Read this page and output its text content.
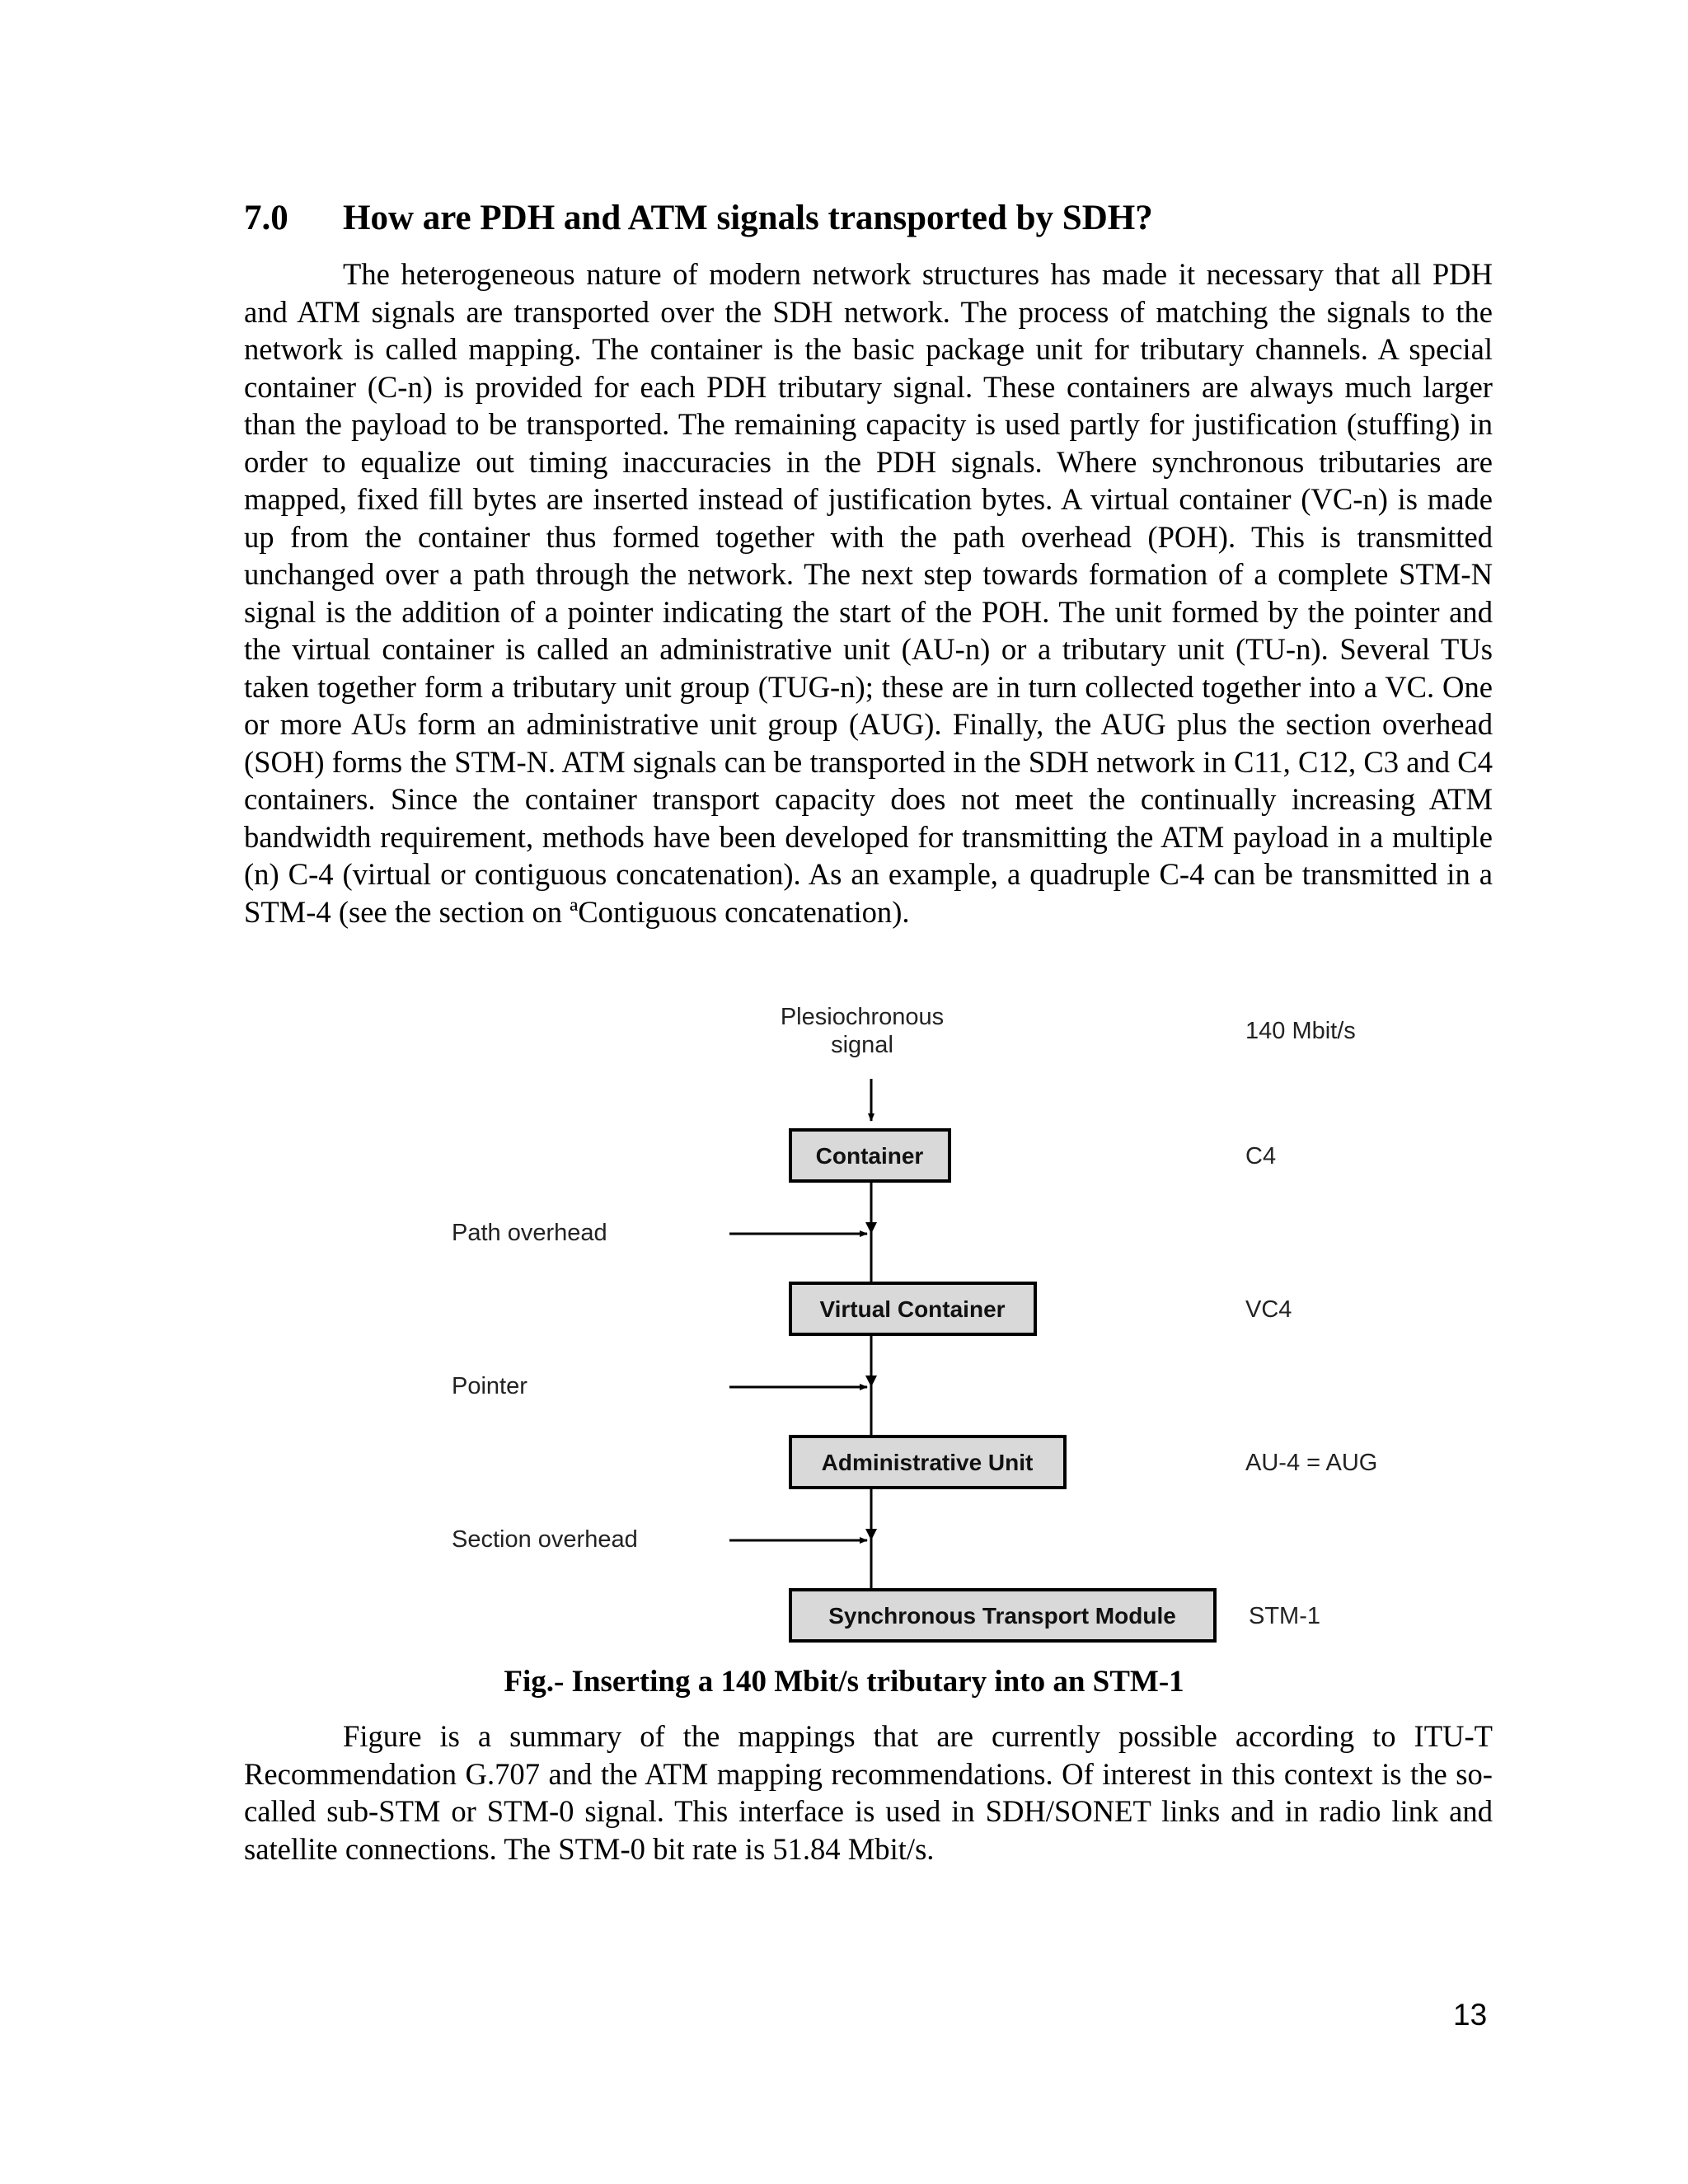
7.0 How are PDH and ATM signals transported by SDH?

The heterogeneous nature of modern network structures has made it necessary that all PDH and ATM signals are transported over the SDH network. The process of matching the signals to the network is called mapping. The container is the basic package unit for tributary channels. A special container (C-n) is provided for each PDH tributary signal. These containers are always much larger than the payload to be transported. The remaining capacity is used partly for justification (stuffing) in order to equalize out timing inaccuracies in the PDH signals. Where synchronous tributaries are mapped, fixed fill bytes are inserted instead of justification bytes. A virtual container (VC-n) is made up from the container thus formed together with the path overhead (POH). This is transmitted unchanged over a path through the network. The next step towards formation of a complete STM-N signal is the addition of a pointer indicating the start of the POH. The unit formed by the pointer and the virtual container is called an administrative unit (AU-n) or a tributary unit (TU-n). Several TUs taken together form a tributary unit group (TUG-n); these are in turn collected together into a VC. One or more AUs form an administrative unit group (AUG). Finally, the AUG plus the section overhead (SOH) forms the STM-N. ATM signals can be transported in the SDH network in C11, C12, C3 and C4 containers. Since the container transport capacity does not meet the continually increasing ATM bandwidth requirement, methods have been developed for transmitting the ATM payload in a multiple (n) C-4 (virtual or contiguous concatenation). As an example, a quadruple C-4 can be transmitted in a STM-4 (see the section on ªContiguous concatenation).

Plesiochronous
signal
Container
Virtual Container
Administrative Unit
Synchronous Transport Module
Path overhead
Pointer
Section overhead
140 Mbit/s
C4
VC4
AU-4 = AUG
STM-1
Fig.- Inserting a 140 Mbit/s tributary into an STM-1

Figure is a summary of the mappings that are currently possible according to ITU-T Recommendation G.707 and the ATM mapping recommendations. Of interest in this context is the so-called sub-STM or STM-0 signal. This interface is used in SDH/SONET links and in radio link and satellite connections. The STM-0 bit rate is 51.84 Mbit/s.

13
